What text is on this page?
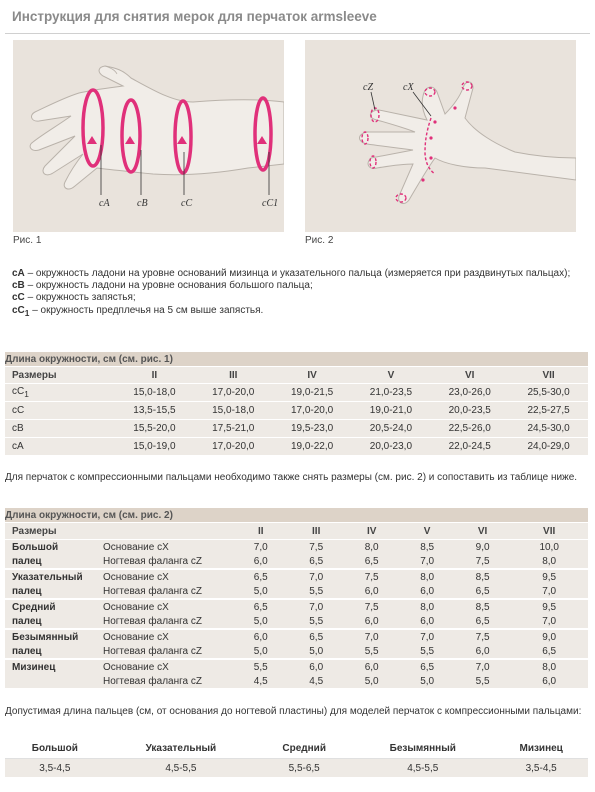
Инструкция для снятия мерок для перчаток armsleeve
cA	cB	cC	cC1
Рис. 1
cZ	cX
Рис. 2
cA – окружность ладони на уровне оснований мизинца и указательного пальца (измеряется при раздвинутых пальцах);
cB – окружность ладони на уровне основания большого пальца;
cC – окружность запястья;
$cC_1$ – окружность предплечья на 5 см выше запястья.
Длина окружности, см (см. рис. 1)						
Размеры	II	III	IV	V	VI	VII
$cC_1$	15,0-18,0	17,0-20,0	19,0-21,5	21,0-23,5	23,0-26,0	25,5-30,0
cC	13,5-15,5	15,0-18,0	17,0-20,0	19,0-21,0	20,0-23,5	22,5-27,5
cB	15,5-20,0	17,5-21,0	19,5-23,0	20,5-24,0	22,5-26,0	24,5-30,0
cA	15,0-19,0	17,0-20,0	19,0-22,0	20,0-23,0	22,0-24,5	24,0-29,0
Для перчаток с компрессионными пальцами необходимо также снять размеры (см. рис. 2) и сопоставить из таблице ниже.
Длина окружности, см (см. рис. 2)							
Размеры		II	III	IV	V	VI	VII
Большой	Основание cX	7,0	7,5	8,0	8,5	9,0	10,0
палец	Ногтевая фаланга cZ	6,0	6,5	6,5	7,0	7,5	8,0
Указательный	Основание cX	6,5	7,0	7,5	8,0	8,5	9,5
палец	Ногтевая фаланга cZ	5,0	5,5	6,0	6,0	6,5	7,0
Средний	Основание cX	6,5	7,0	7,5	8,0	8,5	9,5
палец	Ногтевая фаланга cZ	5,0	5,5	6,0	6,0	6,5	7,0
Безымянный	Основание cX	6,0	6,5	7,0	7,0	7,5	9,0
палец	Ногтевая фаланга cZ	5,0	5,0	5,5	5,5	6,0	6,5
Мизинец	Основание cX	5,5	6,0	6,0	6,5	7,0	8,0
	Ногтевая фаланга cZ	4,5	4,5	5,0	5,0	5,5	6,0
Допустимая длина пальцев (см, от основания до ногтевой пластины) для моделей перчаток с компрессионными пальцами:
Большой	Указательный	Средний	Безымянный	Мизинец
3,5-4,5	4,5-5,5	5,5-6,5	4,5-5,5	3,5-4,5
